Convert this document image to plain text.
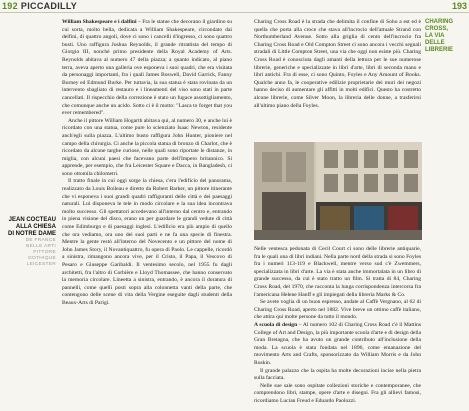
192 PICCADILLY	193

William Shakespeare e i dalfini – Fra le statue che decorano il giardino su cui sorta, molto bella, dedicata a William Shakespeare, circondato dai delfini, di quattro angoli, dove ci sono i cancelli d'ingresso, ci sono quattro busti. Uno raffigura Joshua Reynolds, il grande ritrattista del tempo di Giorgio III, nonché primo presidente della Royal Academy of Arts. Reynolds abitava al numero 47 della piazza; a quanto indicato, al piano terra, aveva aperto una galleria ove esponeva i suoi quadri, che era visitata da personaggi importanti, fra i quali James Boswell, David Garrick, Fanny Burney ed Edmund Burke. Per tuttavia, la sua statua è stata rovinata da un intervento sbagliato di restauro e i lineamenti del viso sono stati in parte cancellati. Il rispecchio della correzione è stato un fugace assottigliamento, che comunque anche un acido. Sotto ci è il motto: "Lasca to forget that you ever remembered".

Anche il pittore William Hogarth abitava qui, al numero 30, e anche lui è ricordato con una statua, come pure lo scienziato Isaac Newton, residente anch'egli sulla piazza. L'ultimo busto raffigura John Hunter, pioniere nel campo della chirurgia. Ci anche la piccola statua di bronzo di Charlot, che è ricordato da alcune targhe curiose, nelle quali sono riportate le distanze, in miglia, con alcuni paesi che facevano parte dell'Impero britannico. Si apprende, per esempio, che fra Leicester Square e Dacca, in Bangladesh, ci sono ottomila chilometri.

Il tratto finale in cui oggi sorge la chiesa, c'era l'edificio del panorama, realizzato da Louis Boileau e diretto da Robert Barker, un pittore itinerante che vi esponeva i suoi grandi quadri raffiguranti delle città e dei paesaggi naturali. Lui disponeva le tele in modo circolare e la sua idea incontrava molto successo. Gli spettatori accedevano all'interno dal centro e, entrando in piena visione del disco, erano un per guardare le grandi vedute di città come Edimburgo e di paesaggi inglesi. L'edificio era più ampio di quello che ora vediamo, ora uno dei suoi parti e ne fa una specie di finestra. Mentre la gente restò all'interno del Novecento e un pittore del nome di John James Story, il Novantiquattro, fu opera di Paolo. Le cappelle, ricordò a sinistra, rimangono ancora vive, per il Cristo, il Papa, il Vescovo di Pesaro e Giuseppe Garibaldi. Il ventesimo secolo, nel 1955 fu dagli architetti, fra l'altro di Corbière e Lloyd Thomassee, che hanno conservato la memoria circolare. Lineetta a sinistra, entrando, è ancora il doratura di pannelli, come quelli posti sopra alla colonnetta vanti della parte, che contengono delle scene di vita della Vergine eseguite dagli studenti della Beaux-Arts di Parigi.

JEAN COCTEAU
ALLA CHIESA
DI NOTRE DAME
DE FRANCE
BELLE ARTI
PITTORE
GOTHIQUE
LEICESTER

Charing Cross Road è la strada che delimita il confine di Soho a est ed è quella che porta alla croce che stava all'incrocio dell'attuale Strand con Northumberland Avenue. Sotto alla griglia di cento dell'incrocio fra Charing Cross Road e Old Compton Street ci sono ancora i vecchi segnali stradali di Little Compton Street, una via che oggi non esiste più. Charing Cross Road è conosciuta dagli amanti della lettura per le sue numerose librerie, generiche e specializzate in libri d'arte, libri di seconda mano e libri antichi. Fra di esse, ci sono Quinto, Foyles e Any Amount of Books. Qualche anno fa, le cooperative edilizie proprietarie dei muri dei negozi hanno deciso di aumentare gli affitti in molti edifici. Questo ha costretto alcune librerie, come Silver Moon, la libreria delle donne, a trasferirsi all'ultimo piano della Foyles.

Nelle ventesca pedonata di Cecil Court ci sono delle librerie antiquarie, fra le quali una di libri indiani. Nella parte nord della strada si sono Foyles fra i numeri 113-119 e Blackwell, mentre verso sud c'è Zwemmers, specializzata in libri d'arte. La via è stata anche immortalata in un libro di grande successo, da cui è stato tratto un film. Si tratta di 84, Charing Cross Road, del 1970, che racconta la lunga corrispondenza intercorsa fra l'americana Helene Hanff e gli impiegati della libreria Marks & Co.

Se avete voglia di un buon espresso, andate al Caffè Vergnano, al 62 di Charing Cross Road, aperto nel 1882. Vive breve un ottimo caffè italiano, che attira qui molte persone da tutto il mondo.

A scuola di design – Al numero 102 di Charing Cross Road c'è il Mattins College of Art and Design, la più importante scuola d'arte e di design della Gran Bretagna, che ha avuto un grande contributo all'inclusione della moda. La scuola è stata fondata nel 1896, come emanazione del movimento Arts and Crafts, sponsorizzato da William Morris e da John Ruskin.

Il grande palazzo che la ospita ha molte decorazioni incise nella pietra sulla facciata.

Nelle sue sale sono ospitate collezioni storiche e contemporanee, che comprendono libri, stampe, opere d'arte e disegni. Fra gli allievi famosi, ricordiamo Lucian Freud e Eduardo Paolozzi.

CHARING CROSS,
LA VIA
DELLE LIBRERIE
